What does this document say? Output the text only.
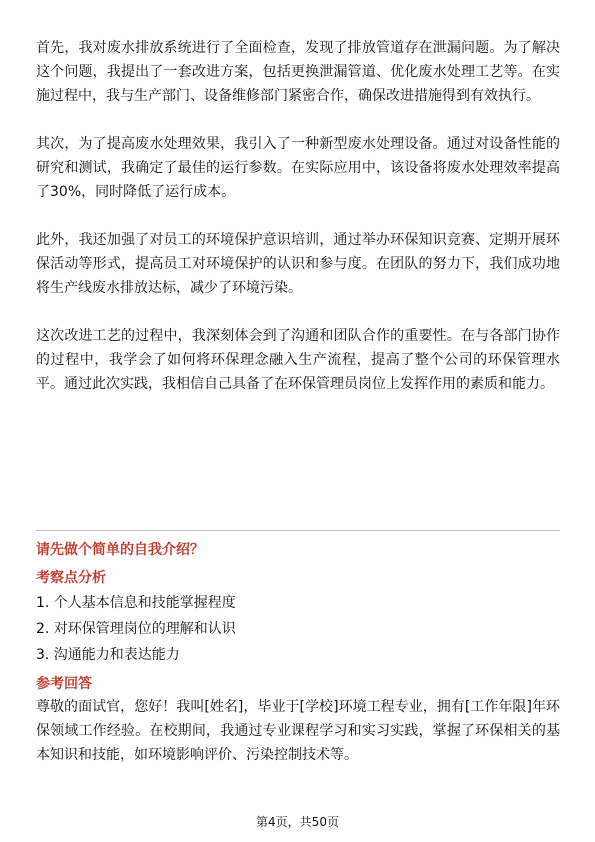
首先，我对废水排放系统进行了全面检查，发现了排放管道存在泄漏问题。为了解决这个问题，我提出了一套改进方案，包括更换泄漏管道、优化废水处理工艺等。在实施过程中，我与生产部门、设备维修部门紧密合作，确保改进措施得到有效执行。

其次，为了提高废水处理效果，我引入了一种新型废水处理设备。通过对设备性能的研究和测试，我确定了最佳的运行参数。在实际应用中，该设备将废水处理效率提高了30%，同时降低了运行成本。

此外，我还加强了对员工的环境保护意识培训，通过举办环保知识竞赛、定期开展环保活动等形式，提高员工对环境保护的认识和参与度。在团队的努力下，我们成功地将生产线废水排放达标，减少了环境污染。

这次改进工艺的过程中，我深刻体会到了沟通和团队合作的重要性。在与各部门协作的过程中，我学会了如何将环保理念融入生产流程，提高了整个公司的环保管理水平。通过此次实践，我相信自己具备了在环保管理员岗位上发挥作用的素质和能力。

请先做个简单的自我介绍？

考察点分析

1. 个人基本信息和技能掌握程度
2. 对环保管理岗位的理解和认识
3. 沟通能力和表达能力

参考回答

尊敬的面试官，您好！我叫[姓名]，毕业于[学校]环境工程专业，拥有[工作年限]年环保领域工作经验。在校期间，我通过专业课程学习和实习实践，掌握了环保相关的基本知识和技能，如环境影响评价、污染控制技术等。

第4页，共50页
